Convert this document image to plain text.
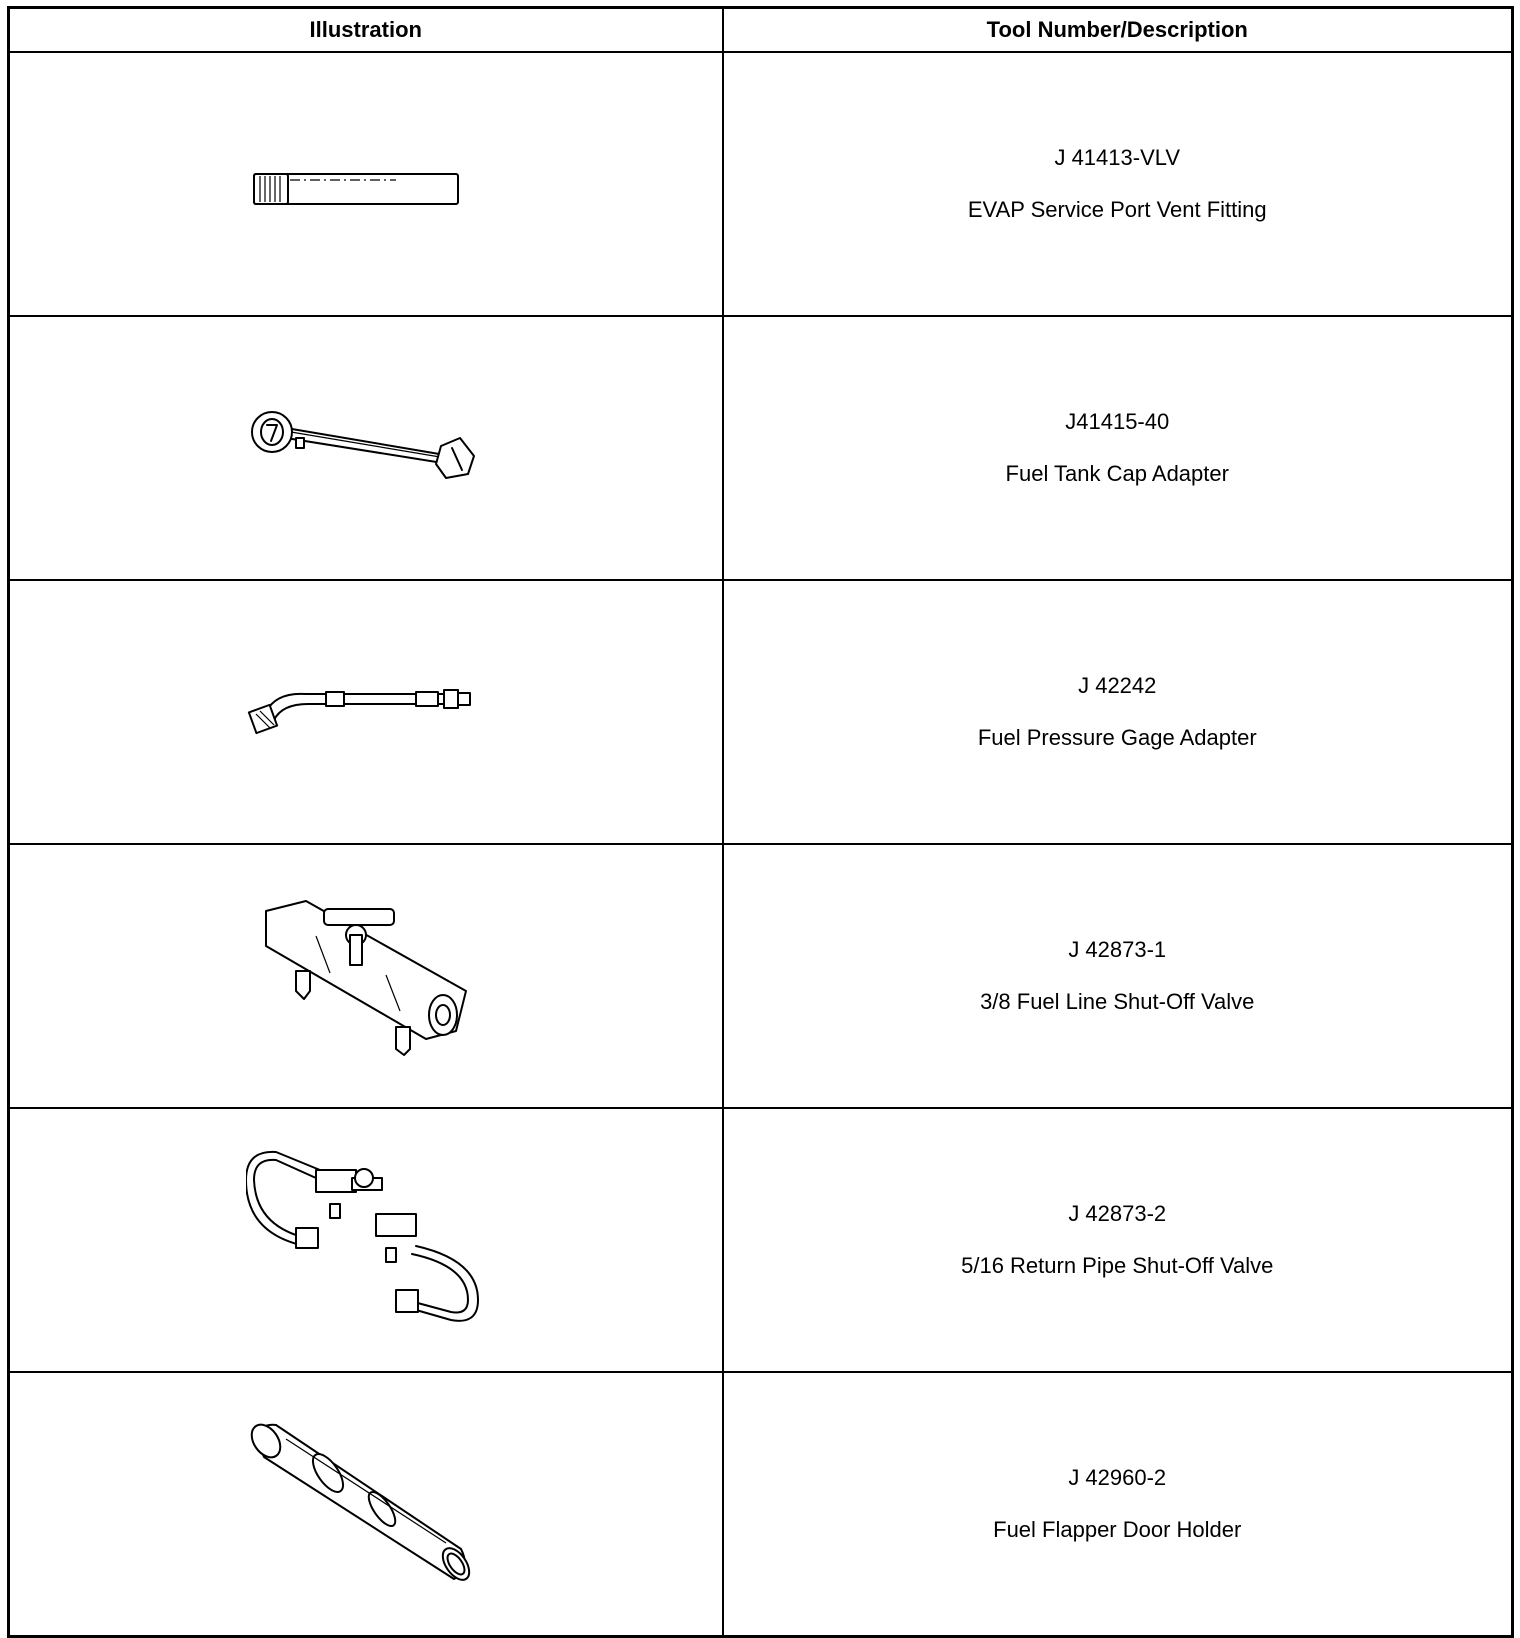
Illustration	Tool Number/Description

J 41413-VLV
EVAP Service Port Vent Fitting

J41415-40
Fuel Tank Cap Adapter

J 42242
Fuel Pressure Gage Adapter

J 42873-1
3/8 Fuel Line Shut-Off Valve

J 42873-2
5/16 Return Pipe Shut-Off Valve

J 42960-2
Fuel Flapper Door Holder
